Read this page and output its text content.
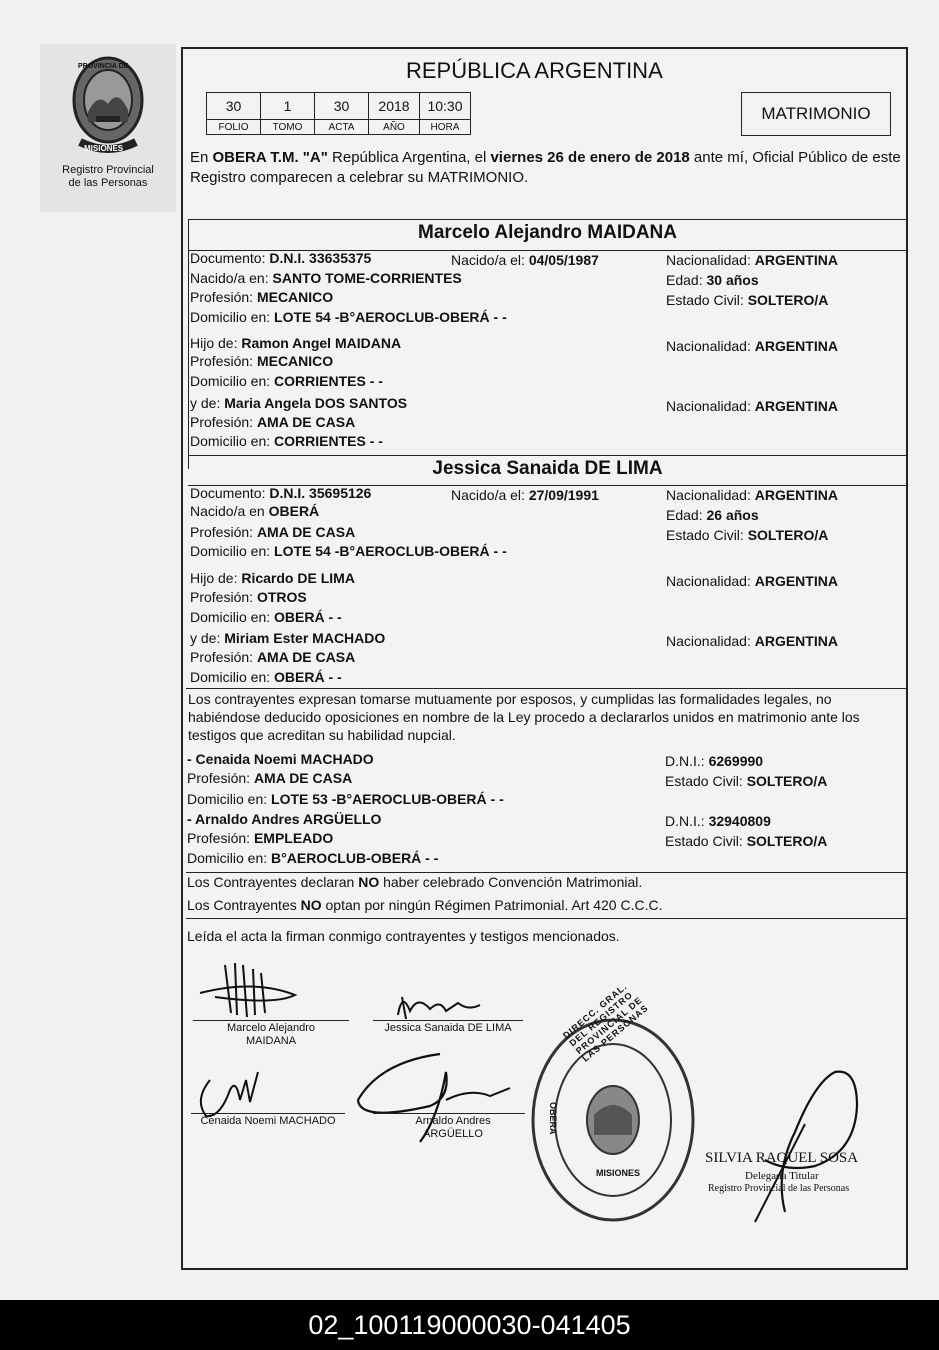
PROVINCIA DE
MISIONES
Registro Provincial
de las Personas
REPÚBLICA ARGENTINA
30	1	30	2018	10:30
FOLIO	TOMO	ACTA	AÑO	HORA
MATRIMONIO
En OBERA T.M. "A" República Argentina, el viernes 26 de enero de 2018 ante mí, Oficial Público de este Registro comparecen a celebrar su MATRIMONIO.
Marcelo Alejandro MAIDANA
Documento: D.N.I. 33635375	Nacido/a el: 04/05/1987	Nacionalidad: ARGENTINA
Nacido/a en: SANTO TOME-CORRIENTES	Edad: 30 años
Profesión: MECANICO	Estado Civil: SOLTERO/A
Domicilio en: LOTE 54 -B°AEROCLUB-OBERÁ - -
Hijo de: Ramon Angel MAIDANA	Nacionalidad: ARGENTINA
Profesión: MECANICO
Domicilio en: CORRIENTES - -
y de: Maria Angela DOS SANTOS	Nacionalidad: ARGENTINA
Profesión: AMA DE CASA
Domicilio en: CORRIENTES - -
Jessica Sanaida DE LIMA
Documento: D.N.I. 35695126	Nacido/a el: 27/09/1991	Nacionalidad: ARGENTINA
Nacido/a en OBERÁ	Edad: 26 años
Profesión: AMA DE CASA	Estado Civil: SOLTERO/A
Domicilio en: LOTE 54 -B°AEROCLUB-OBERÁ - -
Hijo de: Ricardo DE LIMA	Nacionalidad: ARGENTINA
Profesión: OTROS
Domicilio en: OBERÁ - -
y de: Miriam Ester MACHADO	Nacionalidad: ARGENTINA
Profesión: AMA DE CASA
Domicilio en: OBERÁ - -
Los contrayentes expresan tomarse mutuamente por esposos, y cumplidas las formalidades legales, no habiéndose deducido oposiciones en nombre de la Ley procedo a declararlos unidos en matrimonio ante los testigos que acreditan su habilidad nupcial.
- Cenaida Noemi MACHADO	D.N.I.: 6269990
Profesión: AMA DE CASA	Estado Civil: SOLTERO/A
Domicilio en: LOTE 53 -B°AEROCLUB-OBERÁ - -
- Arnaldo Andres ARGÜELLO	D.N.I.: 32940809
Profesión: EMPLEADO	Estado Civil: SOLTERO/A
Domicilio en: B°AEROCLUB-OBERÁ - -
Los Contrayentes declaran NO haber celebrado Convención Matrimonial.
Los Contrayentes NO optan por ningún Régimen Patrimonial. Art 420 C.C.C.
Leída el acta la firman conmigo contrayentes y testigos mencionados.
Marcelo Alejandro
MAIDANA
Jessica Sanaida DE LIMA
Cenaida Noemi MACHADO	Arnaldo Andres
ARGÜELLO
DIRECC. GRAL. DEL REGISTRO PROVINCIAL DE LAS PERSONAS
OBERA
MISIONES
SILVIA RAQUEL SOSA
Delegada Titular
Registro Provincial de las Personas
02_100119000030-041405
